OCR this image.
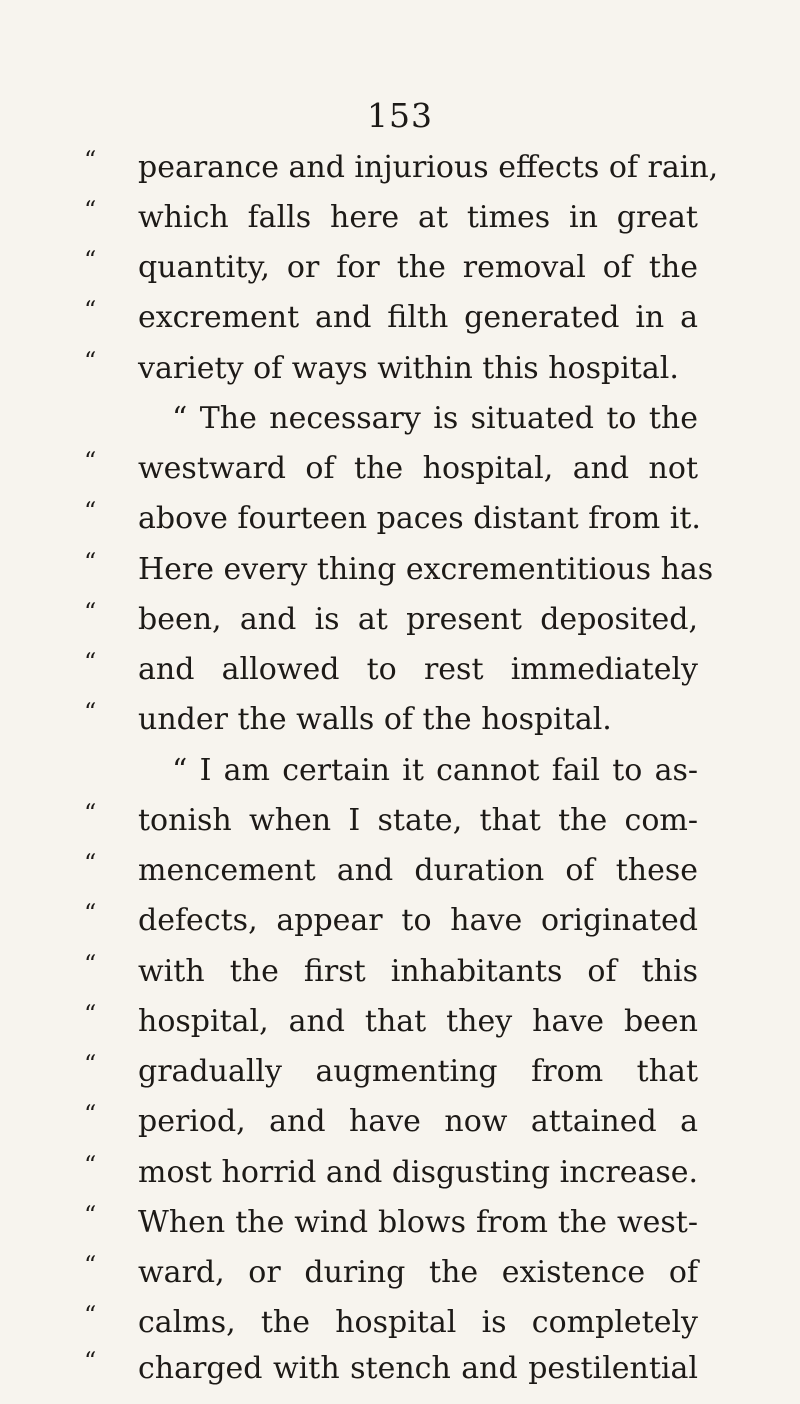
153
“ pearance and injurious effects of rain,
“ which falls here at times in great
“ quantity, or for the removal of the
“ excrement and filth generated in a
“ variety of ways within this hospital.
“ The necessary is situated to the
“ westward of the hospital, and not
“ above fourteen paces distant from it.
“ Here every thing excrementitious has
“ been, and is at present deposited,
“ and allowed to rest immediately
“ under the walls of the hospital.
“ I am certain it cannot fail to as-
“ tonish when I state, that the com-
“ mencement and duration of these
“ defects, appear to have originated
“ with the first inhabitants of this
“ hospital, and that they have been
“ gradually augmenting from that
“ period, and have now attained a
“ most horrid and disgusting increase.
“ When the wind blows from the west-
“ ward, or during the existence of
“ calms, the hospital is completely
“ charged with stench and pestilential
